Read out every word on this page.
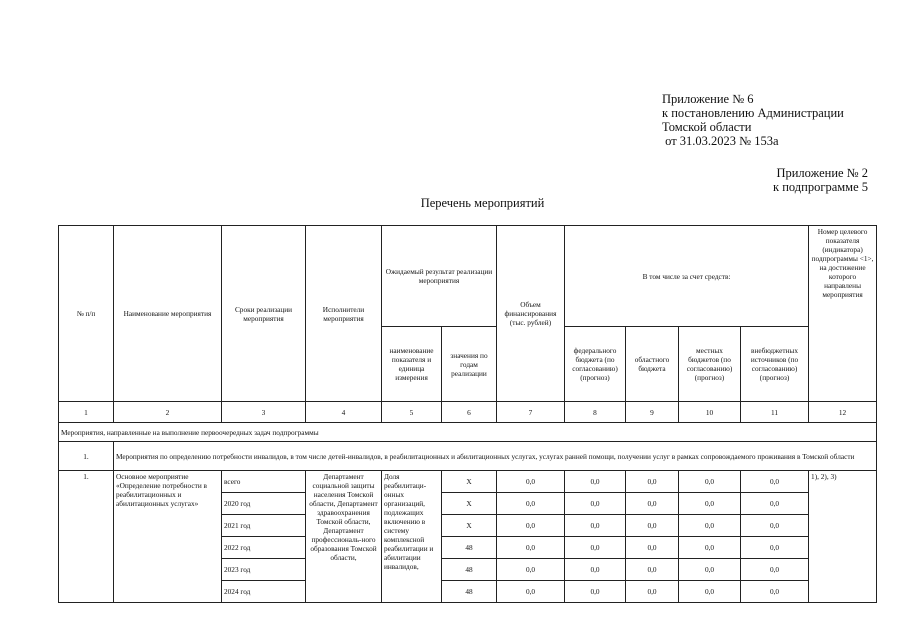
Приложение № 6
к постановлению Администрации
Томской области
от 31.03.2023 № 153а
Приложение № 2
к подпрограмме 5
Перечень мероприятий
№ п/п	Наименование мероприятия	Сроки реализации мероприятия	Исполнители мероприятия	Ожидаемый результат реализации мероприятия		Объем финансирования (тыс. рублей)	В том числе за счет средств:				Номер целевого показателя (индикатора) подпрограммы <1>, на достижение которого направлены мероприятия
				наименование показателя и единица измерения	значения по годам реализации		федерального бюджета (по согласованию) (прогноз)	областного бюджета	местных бюджетов (по согласованию) (прогноз)	внебюджетных источников (по согласованию) (прогноз)	
1	2	3	4	5	6	7	8	9	10	11	12
Мероприятия, направленные на выполнение первоочередных задач подпрограммы											
1.	Мероприятия по определению потребности инвалидов, в том числе детей-инвалидов, в реабилитационных и абилитационных услугах, услугах ранней помощи, получении услуг в рамках сопровождаемого проживания в Томской области										
1.	Основное мероприятие «Определение потребности в реабилитационных и абилитационных услугах»	всего	Департамент социальной защиты населения Томской области, Департамент здравоохранения Томской области, Департамент профессиональ-ного образования Томской области,	Доля реабилитаци-онных организаций, подлежащих включению в систему комплексной реабилитации и абилитации инвалидов,	Х	0,0	0,0	0,0	0,0	0,0	1), 2), 3)
		2020 год			Х	0,0	0,0	0,0	0,0	0,0	
		2021 год			Х	0,0	0,0	0,0	0,0	0,0	
		2022 год			48	0,0	0,0	0,0	0,0	0,0	
		2023 год			48	0,0	0,0	0,0	0,0	0,0	
		2024 год			48	0,0	0,0	0,0	0,0	0,0	
